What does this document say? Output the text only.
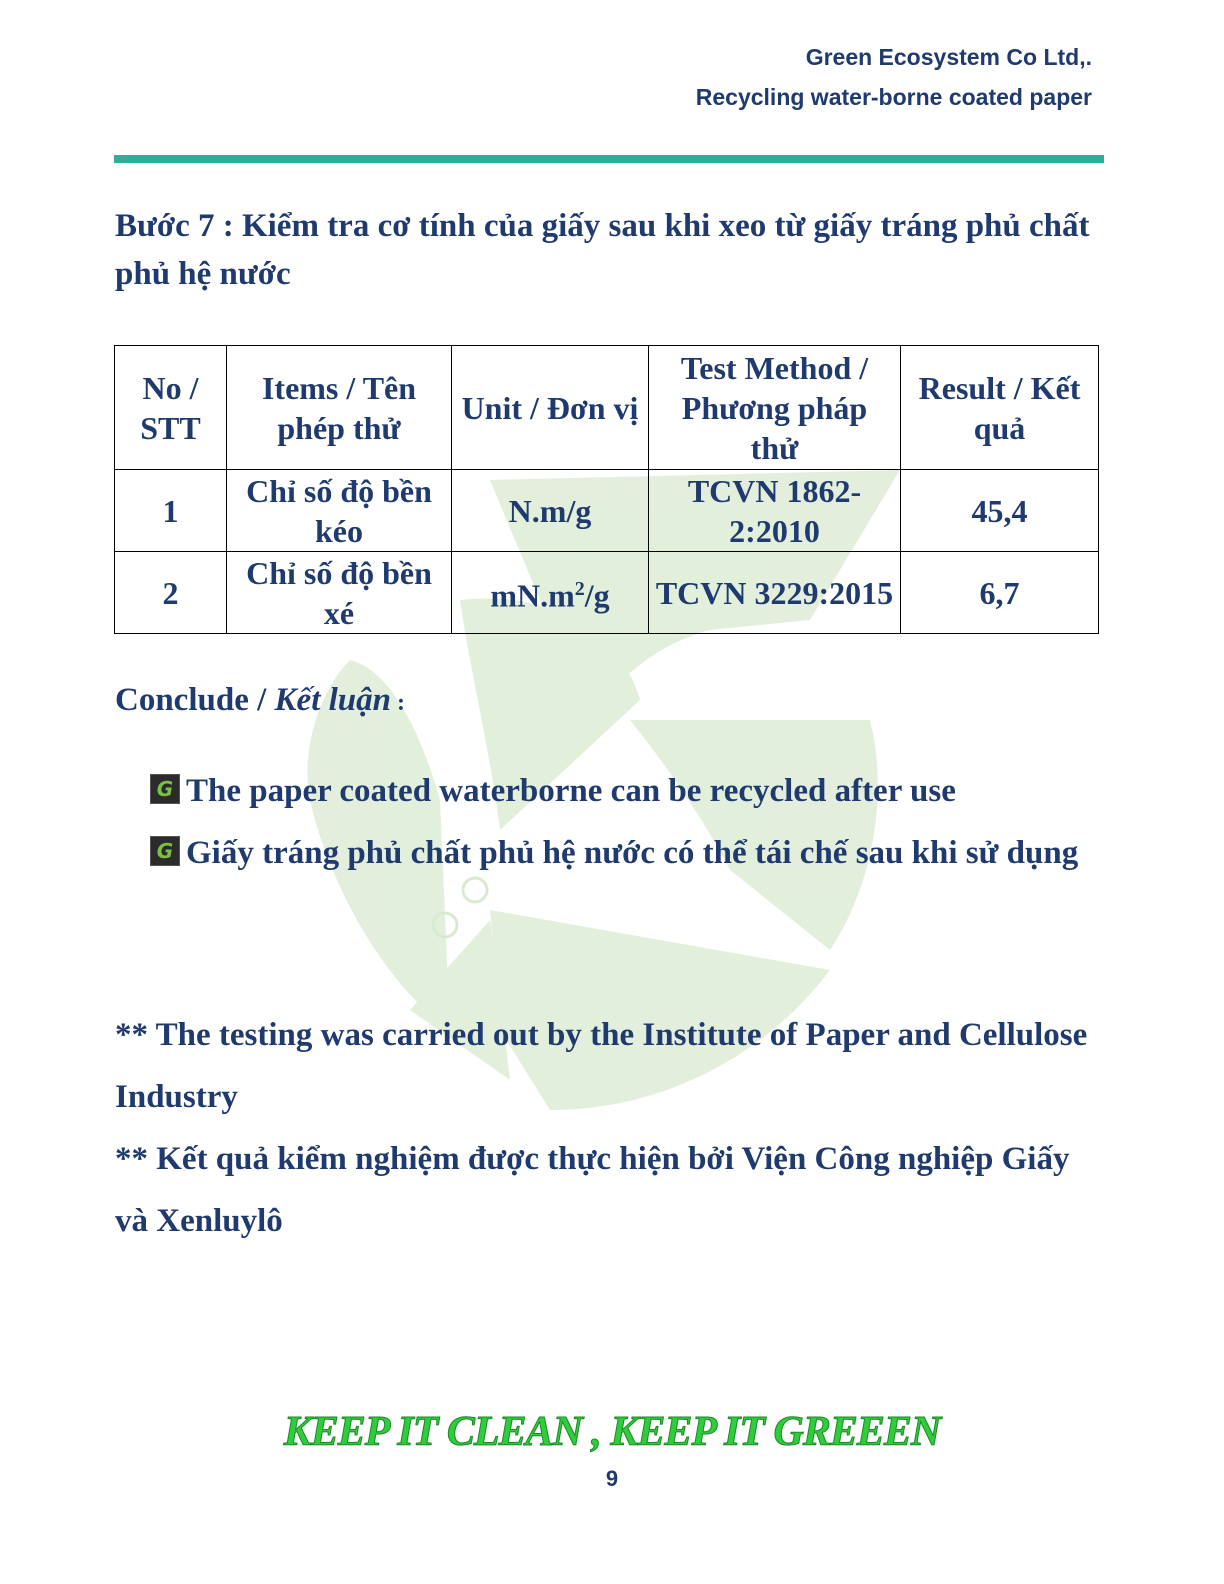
Green Ecosystem Co Ltd,.
Recycling water-borne coated paper
Bước 7 : Kiểm tra cơ tính của giấy sau khi xeo từ giấy tráng phủ chất phủ hệ nước
No / STT	Items / Tên phép thử	Unit / Đơn vị	Test Method / Phương pháp thử	Result / Kết quả
1	Chỉ số độ bền kéo	N.m/g	TCVN 1862-2:2010	45,4
2	Chỉ số độ bền xé	$mN.m^2/g$	TCVN 3229:2015	6,7
Conclude / Kết luận :
G The paper coated waterborne can be recycled after use
G Giấy tráng phủ chất phủ hệ nước có thể tái chế sau khi sử dụng
** The testing was carried out by the Institute of Paper and Cellulose Industry
** Kết quả kiểm nghiệm được thực hiện bởi Viện Công nghiệp Giấy và Xenluylô
KEEP IT CLEAN , KEEP IT GREEEN
9
